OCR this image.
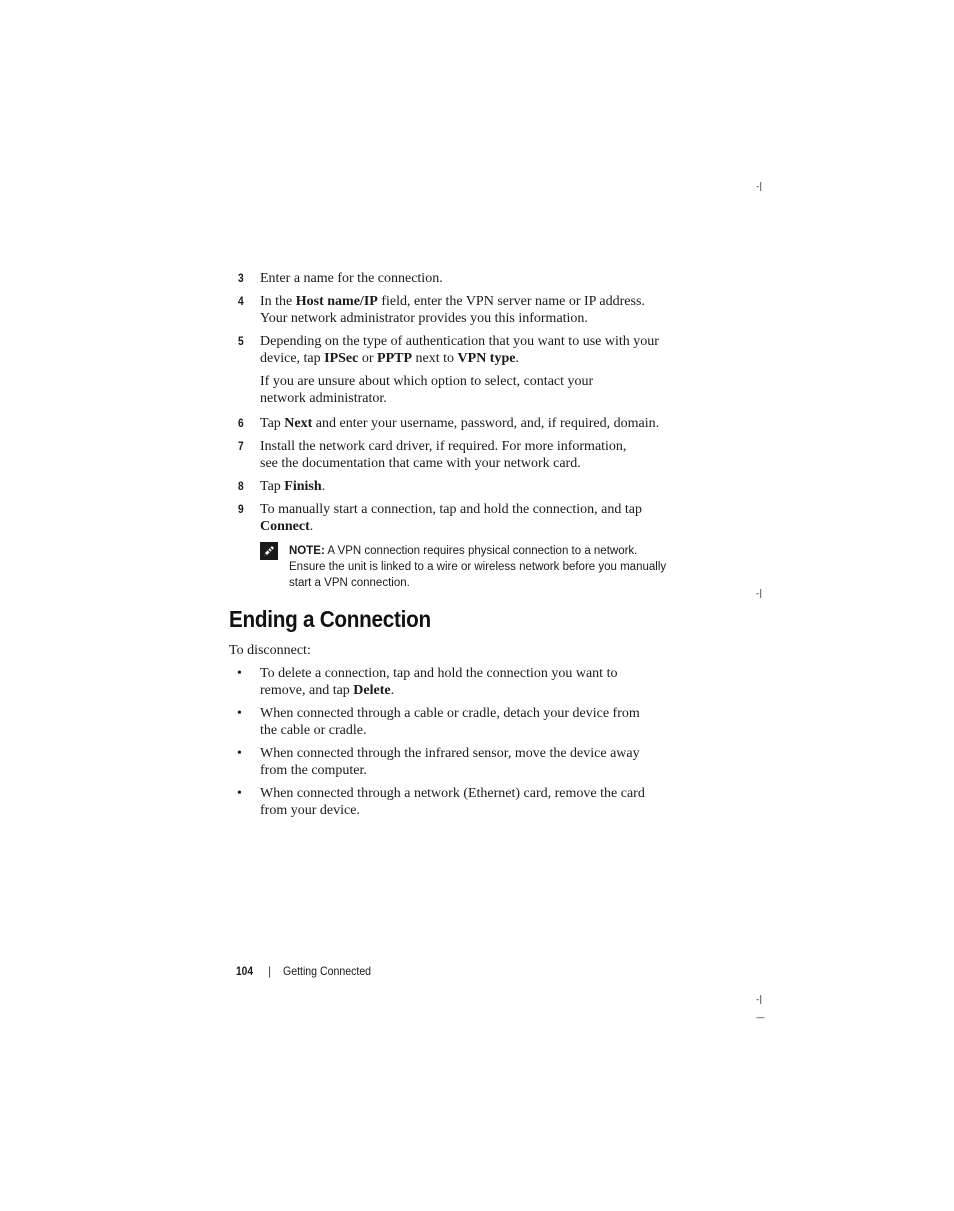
-|
-|
-|
—
3 Enter a name for the connection.
4 In the Host name/IP field, enter the VPN server name or IP address. Your network administrator provides you this information.
5 Depending on the type of authentication that you want to use with your device, tap IPSec or PPTP next to VPN type.
If you are unsure about which option to select, contact your network administrator.
6 Tap Next and enter your username, password, and, if required, domain.
7 Install the network card driver, if required. For more information, see the documentation that came with your network card.
8 Tap Finish.
9 To manually start a connection, tap and hold the connection, and tap Connect.
NOTE: A VPN connection requires physical connection to a network. Ensure the unit is linked to a wire or wireless network before you manually start a VPN connection.
Ending a Connection
To disconnect:
• To delete a connection, tap and hold the connection you want to remove, and tap Delete.
• When connected through a cable or cradle, detach your device from the cable or cradle.
• When connected through the infrared sensor, move the device away from the computer.
• When connected through a network (Ethernet) card, remove the card from your device.
104 | Getting Connected
